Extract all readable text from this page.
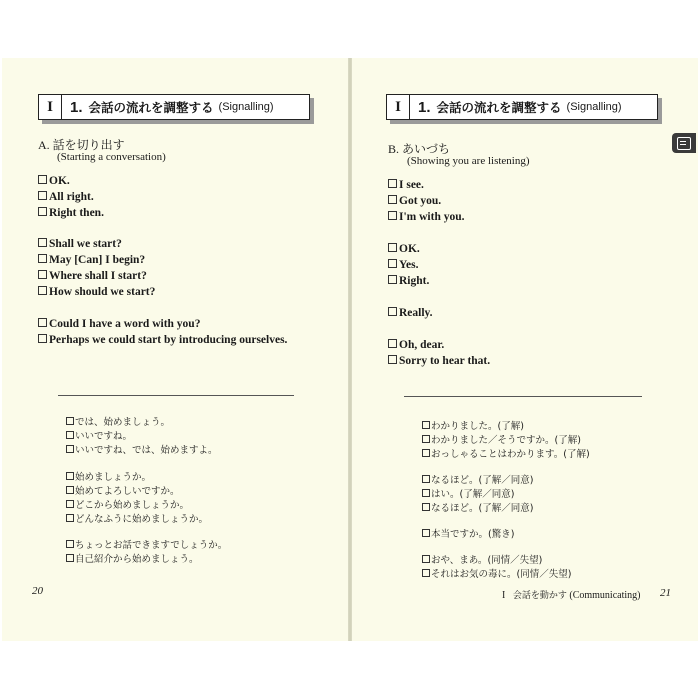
I	1. 会話の流れを調整する (Signalling)
A. 話を切り出す
(Starting a conversation)
OK.
All right.
Right then.
Shall we start?
May [Can] I begin?
Where shall I start?
How should we start?
Could I have a word with you?
Perhaps we could start by introducing ourselves.
では、始めましょう。
いいですね。
いいですね、では、始めますよ。
始めましょうか。
始めてよろしいですか。
どこから始めましょうか。
どんなふうに始めましょうか。
ちょっとお話できますでしょうか。
自己紹介から始めましょう。
20
I	1. 会話の流れを調整する (Signalling)
B. あいづち
(Showing you are listening)
I see.
Got you.
I'm with you.
OK.
Yes.
Right.
Really.
Oh, dear.
Sorry to hear that.
わかりました。(了解)
わかりました／そうですか。(了解)
おっしゃることはわかります。(了解)
なるほど。(了解／同意)
はい。(了解／同意)
なるほど。(了解／同意)
本当ですか。(驚き)
おや、まあ。(同情／失望)
それはお気の毒に。(同情／失望)
I 会話を動かす (Communicating) 21
